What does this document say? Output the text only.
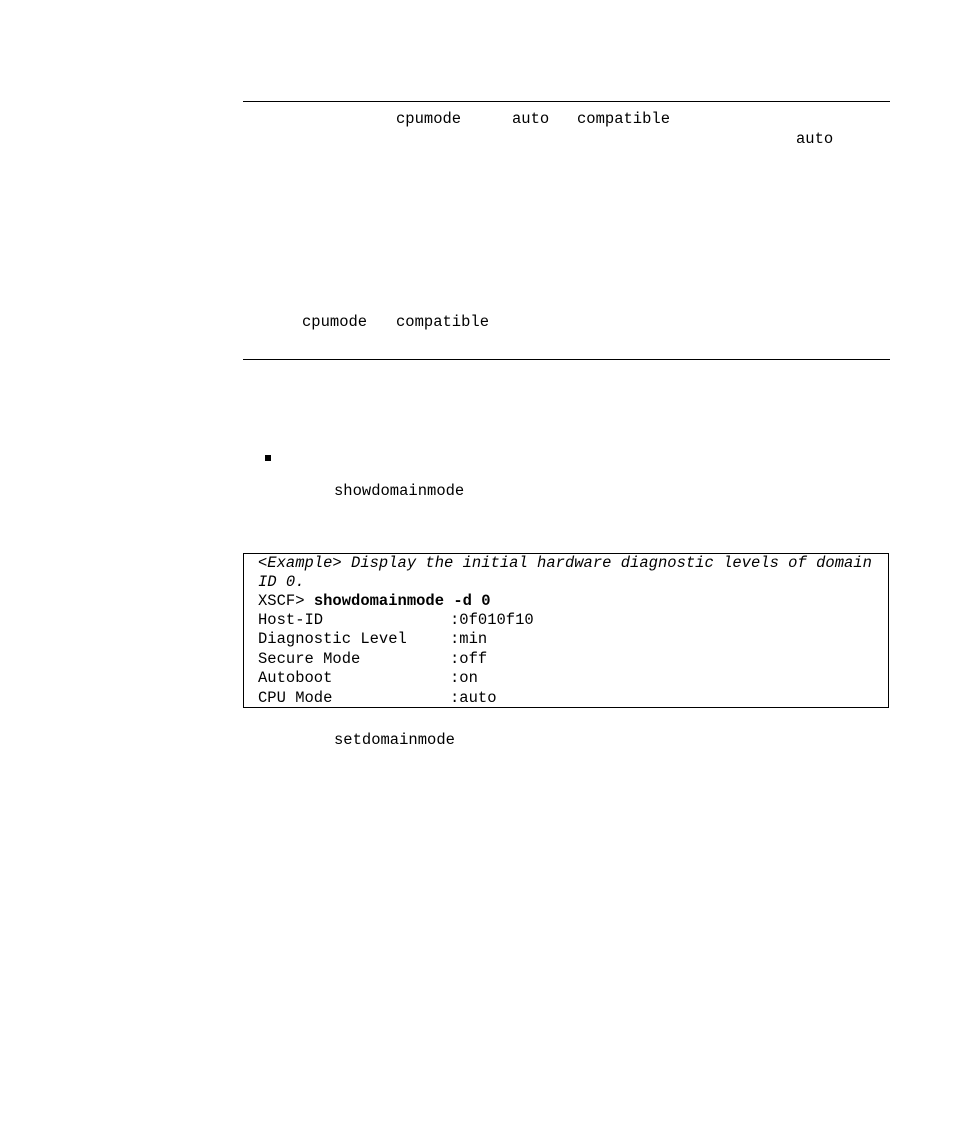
cpumode	auto compatible
auto
cpumode compatible
showdomainmode
<Example> Display the initial hardware diagnostic levels of domain
ID 0.
XSCF> showdomainmode -d 0
Host-ID	:0f010f10
Diagnostic Level	:min
Secure Mode	:off
Autoboot	:on
CPU Mode	:auto
setdomainmode
